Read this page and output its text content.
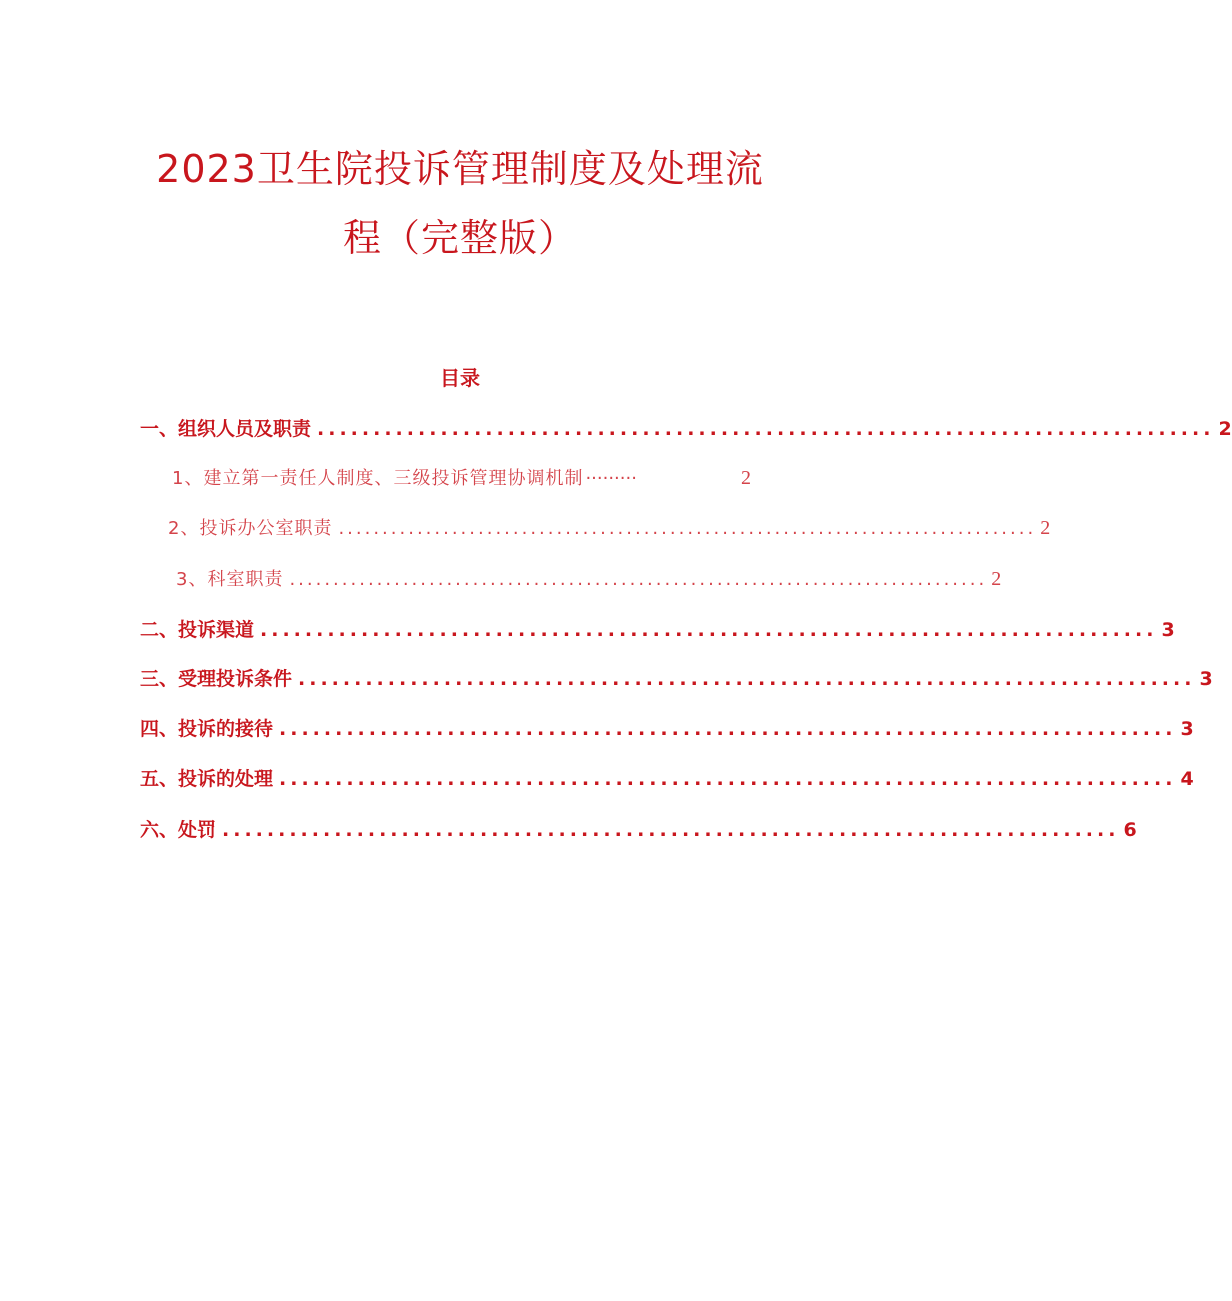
2023卫生院投诉管理制度及处理流
程（完整版）
目录
一、组织人员及职责 ................................................................................ 2
1、建立第一责任人制度、三级投诉管理协调机制 ·········	2
2、投诉办公室职责 ................................................................................ 2
3、科室职责 ................................................................................ 2
二、投诉渠道 ................................................................................ 3
三、受理投诉条件 ................................................................................ 3
四、投诉的接待 ................................................................................ 3
五、投诉的处理 ................................................................................ 4
六、处罚 ................................................................................ 6
